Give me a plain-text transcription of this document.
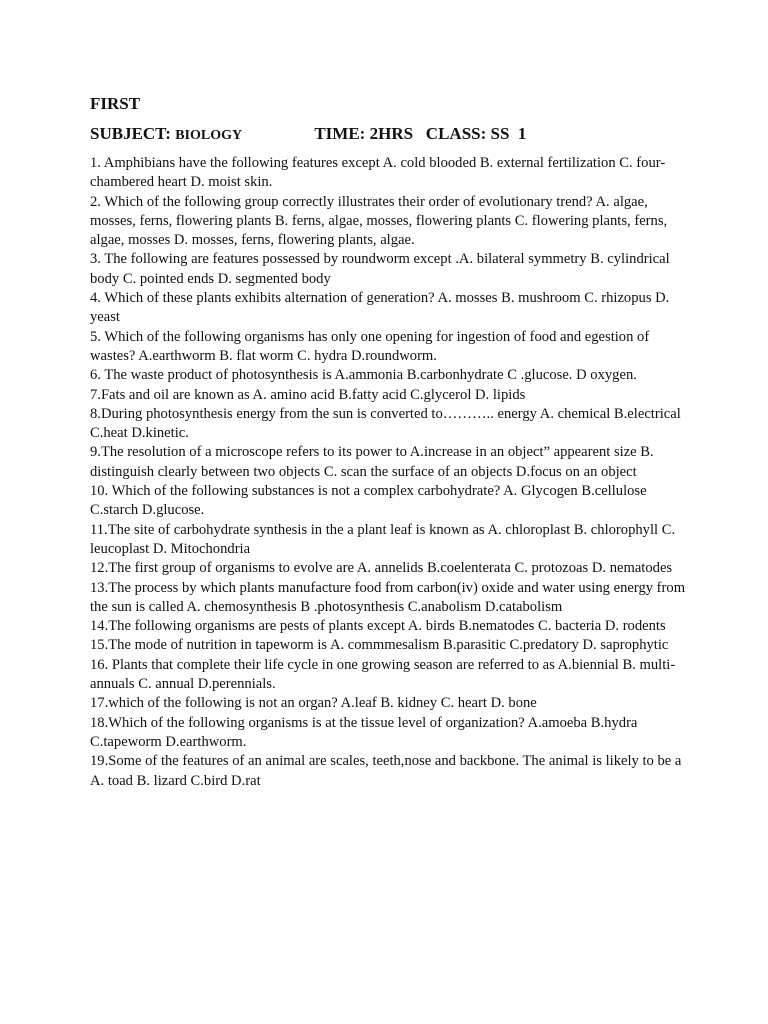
FIRST
SUBJECT: BIOLOGY	TIME: 2HRS   CLASS: SS  1

1. Amphibians have the following features except A. cold blooded B. external fertilization C. four- chambered heart D. moist skin.

2. Which of the following group correctly illustrates their order of evolutionary trend? A. algae, mosses, ferns, flowering plants B. ferns, algae, mosses, flowering plants C. flowering plants, ferns, algae, mosses D. mosses, ferns, flowering plants, algae.

3. The following are features possessed by roundworm except .A. bilateral symmetry B. cylindrical body C. pointed ends D. segmented body

4. Which of these plants exhibits alternation of generation? A. mosses B. mushroom C. rhizopus D. yeast

5. Which of the following organisms has only one opening for ingestion of food and egestion of wastes? A.earthworm B. flat worm C. hydra D.roundworm.

6. The waste product of photosynthesis is A.ammonia B.carbonhydrate C .glucose. D oxygen.

7.Fats and oil are known as A. amino acid B.fatty acid C.glycerol D. lipids

8.During photosynthesis energy from the sun is converted to……….. energy A. chemical B.electrical C.heat D.kinetic.

9.The resolution of a microscope refers to its power to A.increase in an object” appearent size B. distinguish clearly between two objects C. scan the surface of an objects D.focus on an object

10. Which of the following substances is not a complex carbohydrate? A. Glycogen B.cellulose C.starch D.glucose.

11.The site of carbohydrate synthesis in the a plant leaf is known as A. chloroplast B. chlorophyll C. leucoplast D. Mitochondria

12.The first group of organisms to evolve are A. annelids B.coelenterata C. protozoas D. nematodes

13.The process by which plants manufacture food from carbon(iv) oxide and water using energy from the sun is called A. chemosynthesis B .photosynthesis C.anabolism D.catabolism

14.The following organisms are pests of plants except A. birds B.nematodes C. bacteria D. rodents

15.The mode of nutrition in tapeworm is A. commmesalism B.parasitic C.predatory D. saprophytic

16. Plants that complete their life cycle in one growing season are referred to as A.biennial B. multi-annuals C. annual D.perennials.

17.which of the following is not an organ? A.leaf B. kidney C. heart D. bone

18.Which of the following organisms is at the tissue level of organization? A.amoeba B.hydra C.tapeworm D.earthworm.

19.Some of the features of an animal are scales, teeth,nose and backbone. The animal is likely to be a A. toad B. lizard C.bird D.rat
